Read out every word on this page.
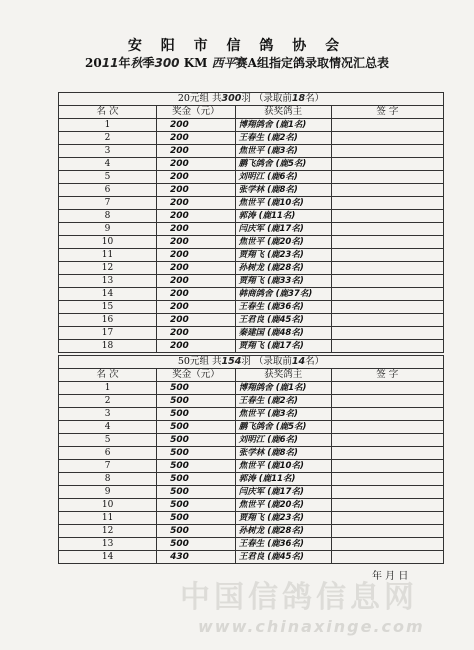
安 阳 市 信 鸽 协 会
2011年秋季300 KM 西平赛A组指定鸽录取情况汇总表
20元组 共300羽 （录取前18名）			
名 次	奖金（元）	获奖鸽主	签 字
1	200	博翔鸽舍 (鹿1名)	
2	200	王春生 (鹿2名)	
3	200	焦世平 (鹿3名)	
4	200	鹏飞鸽舍 (鹿5名)	
5	200	刘明江 (鹿6名)	
6	200	张学林 (鹿8名)	
7	200	焦世平 (鹿10名)	
8	200	郭涛 (鹿11名)	
9	200	闫庆军 (鹿17名)	
10	200	焦世平 (鹿20名)	
11	200	贾翔飞 (鹿23名)	
12	200	孙树龙 (鹿28名)	
13	200	贾翔飞 (鹿33名)	
14	200	韩商鸽舍 (鹿37名)	
15	200	王春生 (鹿36名)	
16	200	王君良 (鹿45名)	
17	200	秦建国 (鹿48名)	
18	200	贾翔飞 (鹿17名)	
50元组 共154羽 （录取前14名）			
名 次	奖金（元）	获奖鸽主	签 字
1	500	博翔鸽舍 (鹿1名)	
2	500	王春生 (鹿2名)	
3	500	焦世平 (鹿3名)	
4	500	鹏飞鸽舍 (鹿5名)	
5	500	刘明江 (鹿6名)	
6	500	张学林 (鹿8名)	
7	500	焦世平 (鹿10名)	
8	500	郭涛 (鹿11名)	
9	500	闫庆军 (鹿17名)	
10	500	焦世平 (鹿20名)	
11	500	贾翔飞 (鹿23名)	
12	500	孙树龙 (鹿28名)	
13	500	王春生 (鹿36名)	
14	430	王君良 (鹿45名)	
年 月 日
中国信鸽信息网
www.chinaxinge.com
